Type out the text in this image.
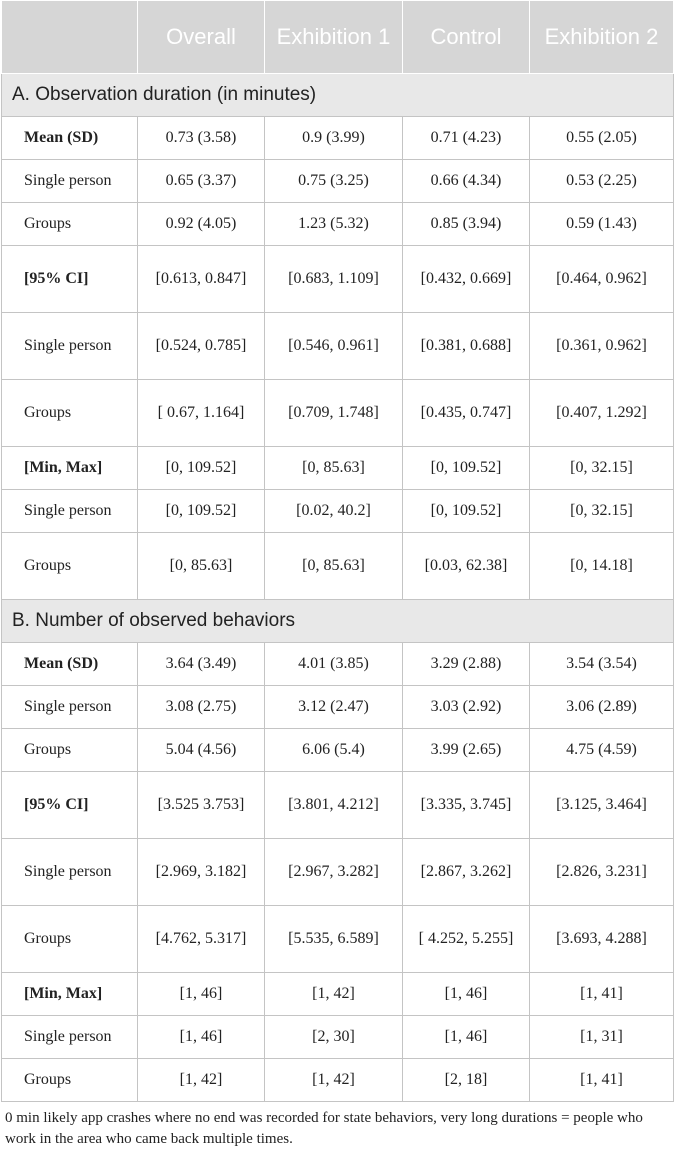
	Overall	Exhibition 1	Control	Exhibition 2
A. Observation duration (in minutes)				
Mean (SD)	0.73 (3.58)	0.9 (3.99)	0.71 (4.23)	0.55 (2.05)
Single person	0.65 (3.37)	0.75 (3.25)	0.66 (4.34)	0.53 (2.25)
Groups	0.92 (4.05)	1.23 (5.32)	0.85 (3.94)	0.59 (1.43)
[95% CI]	[0.613, 0.847]	[0.683, 1.109]	[0.432, 0.669]	[0.464, 0.962]
Single person	[0.524, 0.785]	[0.546, 0.961]	[0.381, 0.688]	[0.361, 0.962]
Groups	[ 0.67, 1.164]	[0.709, 1.748]	[0.435, 0.747]	[0.407, 1.292]
[Min, Max]	[0, 109.52]	[0, 85.63]	[0, 109.52]	[0, 32.15]
Single person	[0, 109.52]	[0.02, 40.2]	[0, 109.52]	[0, 32.15]
Groups	[0, 85.63]	[0, 85.63]	[0.03, 62.38]	[0, 14.18]
B. Number of observed behaviors				
Mean (SD)	3.64 (3.49)	4.01 (3.85)	3.29 (2.88)	3.54 (3.54)
Single person	3.08 (2.75)	3.12 (2.47)	3.03 (2.92)	3.06 (2.89)
Groups	5.04 (4.56)	6.06 (5.4)	3.99 (2.65)	4.75 (4.59)
[95% CI]	[3.525 3.753]	[3.801, 4.212]	[3.335, 3.745]	[3.125, 3.464]
Single person	[2.969, 3.182]	[2.967, 3.282]	[2.867, 3.262]	[2.826, 3.231]
Groups	[4.762, 5.317]	[5.535, 6.589]	[ 4.252, 5.255]	[3.693, 4.288]
[Min, Max]	[1, 46]	[1, 42]	[1, 46]	[1, 41]
Single person	[1, 46]	[2, 30]	[1, 46]	[1, 31]
Groups	[1, 42]	[1, 42]	[2, 18]	[1, 41]
0 min likely app crashes where no end was recorded for state behaviors, very long durations = people who work in the area who came back multiple times.
